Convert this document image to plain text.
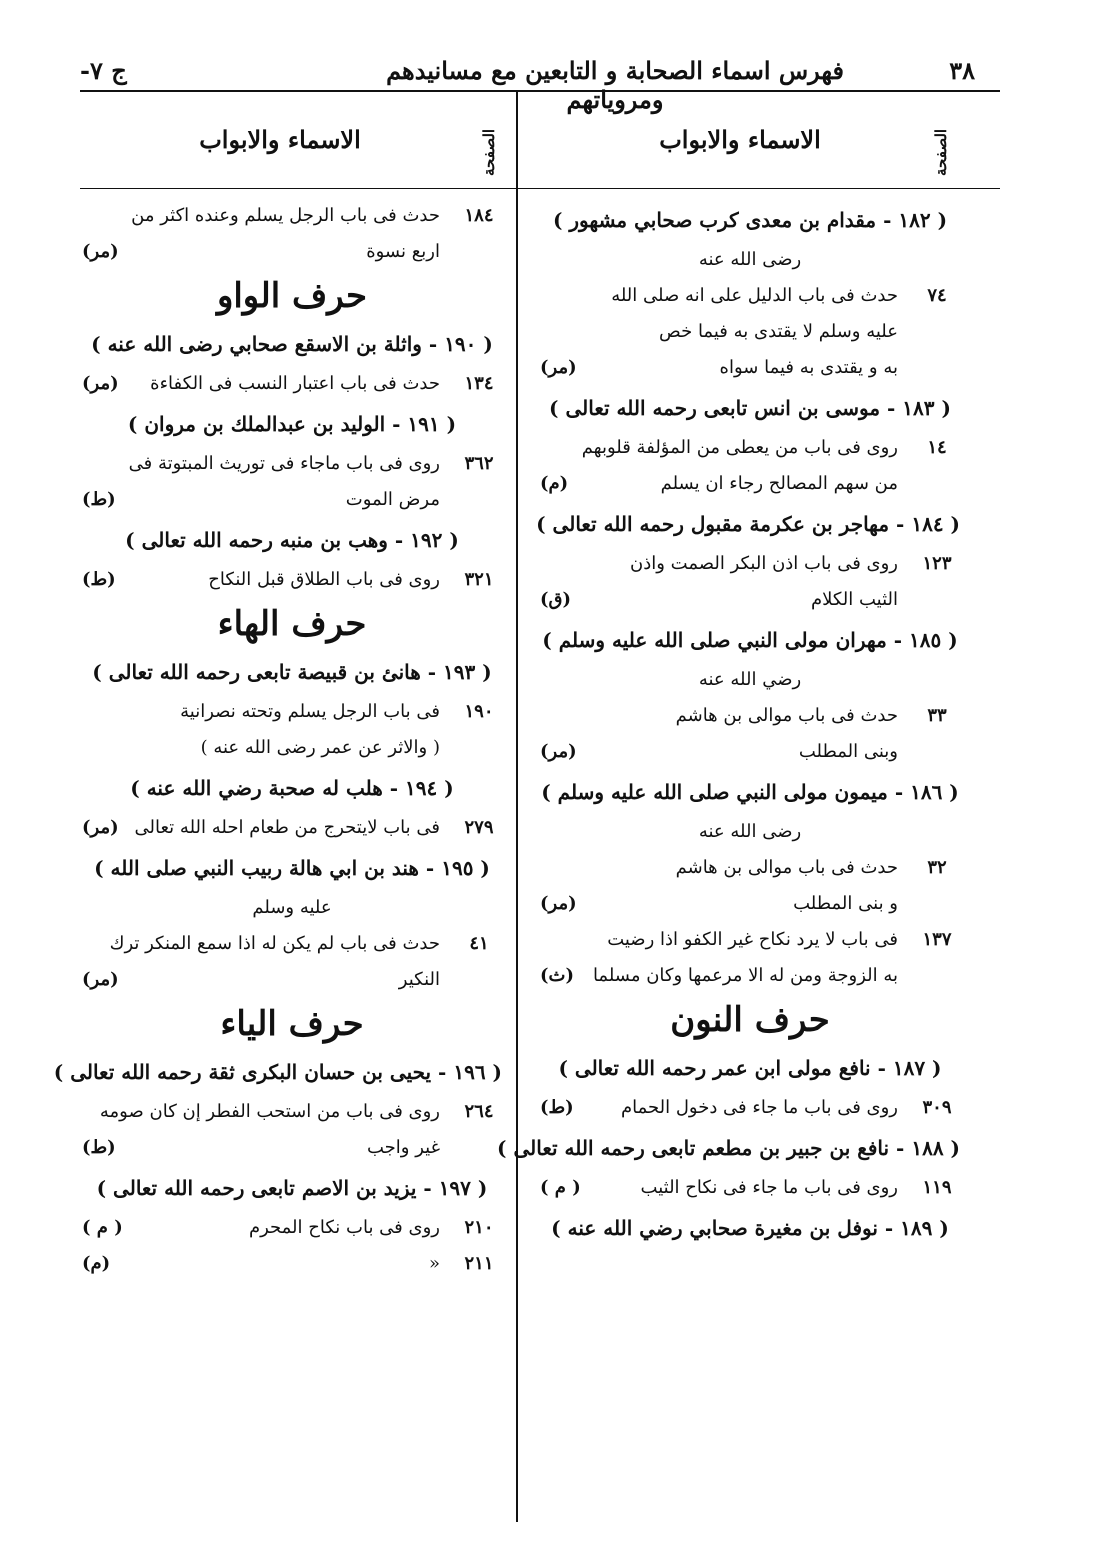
٣٨
فهرس اسماء الصحابة و التابعين مع مسانيدهم ومروياتهم
ج ٧-
الصفحة
الاسماء والابواب
الصفحة
الاسماء والابواب
( ١٨٢ - مقدام بن معدى كرب صحابي مشهور )
رضى الله عنه
٧٤
حدث فى باب الدليل على انه صلى الله
عليه وسلم لا يقتدى به فيما خص
به و يقتدى به فيما سواه
(مر)
( ١٨٣ - موسى بن انس تابعى رحمه الله تعالى )
١٤
روى فى باب من يعطى من المؤلفة قلوبهم
من سهم المصالح رجاء ان يسلم
(م)
( ١٨٤ - مهاجر بن عكرمة مقبول رحمه الله تعالى )
١٢٣
روى فى باب اذن البكر الصمت واذن
الثيب الكلام
(ق)
( ١٨٥ - مهران مولى النبي صلى الله عليه وسلم )
رضي الله عنه
٣٣
حدث فى باب موالى بن هاشم
وبنى المطلب
(مر)
( ١٨٦ - ميمون مولى النبي صلى الله عليه وسلم )
رضى الله عنه
٣٢
حدث فى باب موالى بن هاشم
و بنى المطلب
(مر)
١٣٧
فى باب لا يرد نكاح غير الكفو اذا رضيت
به الزوجة ومن له الا مرعمها وكان مسلما
(ث)
حرف النون
( ١٨٧ - نافع مولى ابن عمر رحمه الله تعالى )
٣٠٩
روى فى باب ما جاء فى دخول الحمام
(ط)
( ١٨٨ - نافع بن جبير بن مطعم تابعى رحمه الله تعالى )
١١٩
روى فى باب ما جاء فى نكاح الثيب
( م )
( ١٨٩ - نوفل بن مغيرة صحابي رضي الله عنه )
١٨٤
حدث فى باب الرجل يسلم وعنده اكثر من
اربع نسوة
(مر)
حرف الواو
( ١٩٠ - واثلة بن الاسقع صحابي رضى الله عنه )
١٣٤
حدث فى باب اعتبار النسب فى الكفاءة
(مر)
( ١٩١ - الوليد بن عبدالملك بن مروان )
٣٦٢
روى فى باب ماجاء فى توريث المبتوتة فى
مرض الموت
(ط)
( ١٩٢ - وهب بن منبه رحمه الله تعالى )
٣٢١
روى فى باب الطلاق قبل النكاح
(ط)
حرف الهاء
( ١٩٣ - هانئ بن قبيصة تابعى رحمه الله تعالى )
١٩٠
فى باب الرجل يسلم وتحته نصرانية
( والاثر عن عمر رضى الله عنه )
( ١٩٤ - هلب له صحبة رضي الله عنه )
٢٧٩
فى باب لايتحرج من طعام احله الله تعالى
(مر)
( ١٩٥ - هند بن ابي هالة ربيب النبي صلى الله )
عليه وسلم
٤١
حدث فى باب لم يكن له اذا سمع المنكر ترك
النكير
(مر)
حرف الياء
( ١٩٦ - يحيى بن حسان البكرى ثقة رحمه الله تعالى )
٢٦٤
روى فى باب من استحب الفطر إن كان صومه
غير واجب
(ط)
( ١٩٧ - يزيد بن الاصم تابعى رحمه الله تعالى )
٢١٠
روى فى باب نكاح المحرم
( م )
٢١١
«
(م)
